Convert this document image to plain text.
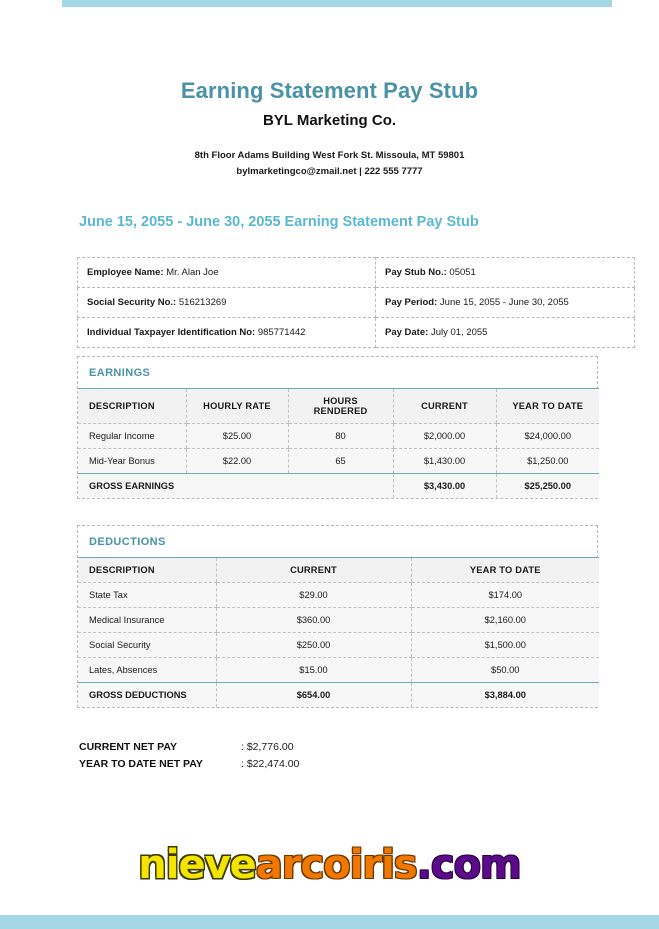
Earning Statement Pay Stub
BYL Marketing Co.
8th Floor Adams Building West Fork St. Missoula, MT 59801
bylmarketingco@zmail.net | 222 555 7777
June 15, 2055 - June 30, 2055 Earning Statement Pay Stub
Employee Name: Mr. Alan Joe	Pay Stub No.: 05051
Social Security No.: 516213269	Pay Period: June 15, 2055 - June 30, 2055
Individual Taxpayer Identification No: 985771442	Pay Date: July 01, 2055
EARNINGS
DESCRIPTION	HOURLY RATE	HOURS RENDERED	CURRENT	YEAR TO DATE
Regular Income	$25.00	80	$2,000.00	$24,000.00
Mid-Year Bonus	$22.00	65	$1,430.00	$1,250.00
GROSS EARNINGS			$3,430.00	$25,250.00
DEDUCTIONS
DESCRIPTION	CURRENT	YEAR TO DATE
State Tax	$29.00	$174.00
Medical Insurance	$360.00	$2,160.00
Social Security	$250.00	$1,500.00
Lates, Absences	$15.00	$50.00
GROSS DEDUCTIONS	$654.00	$3,884.00
CURRENT NET PAY	: $2,776.00
YEAR TO DATE NET PAY	: $22,474.00
nievearcoiris.com
